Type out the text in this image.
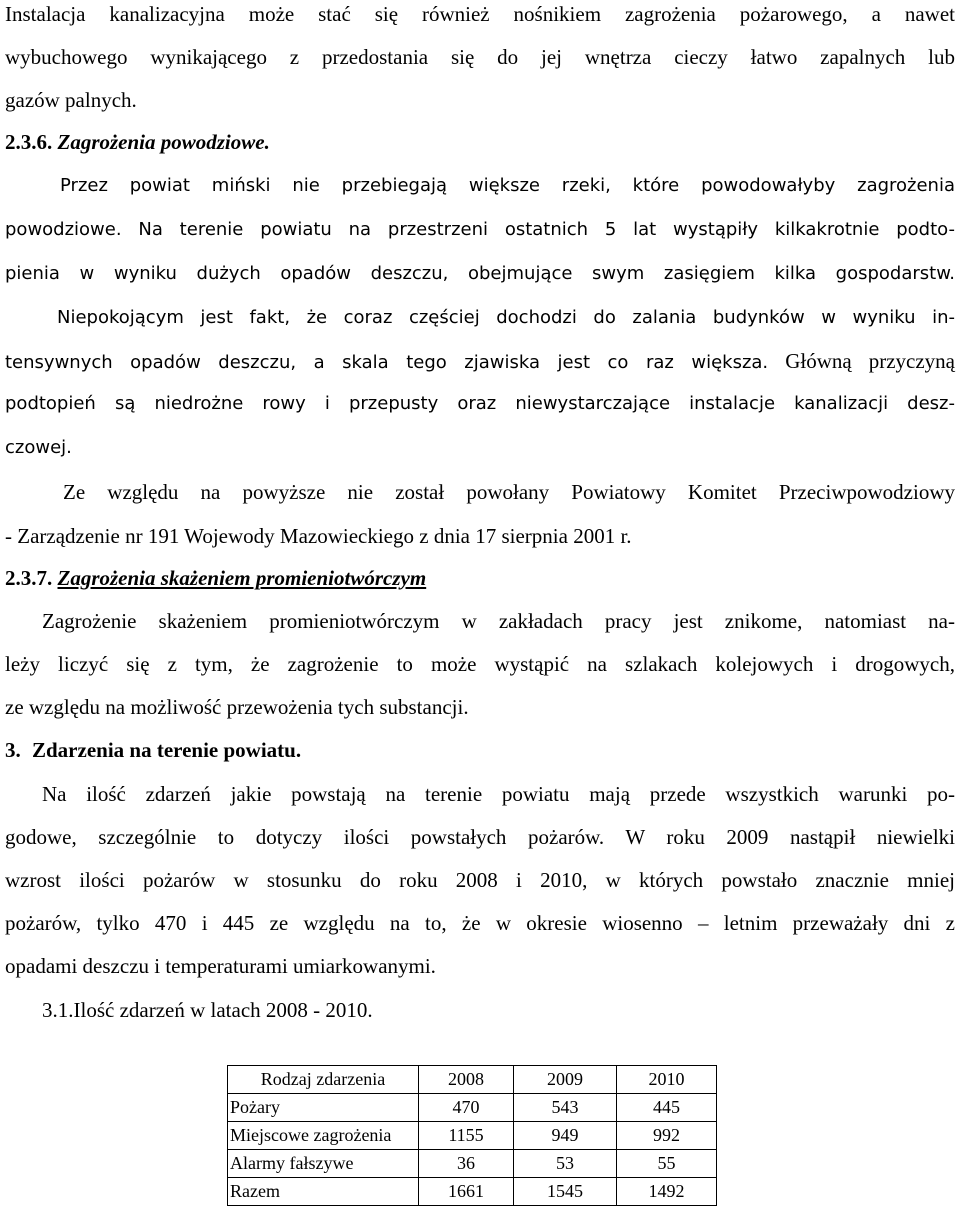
Instalacja kanalizacyjna może stać się również nośnikiem zagrożenia pożarowego, a nawet
wybuchowego wynikającego z przedostania się do jej wnętrza cieczy łatwo zapalnych lub
gazów palnych.
2.3.6. Zagrożenia powodziowe.
Przez powiat miński nie przebiegają większe rzeki, które powodowałyby zagrożenia
powodziowe. Na terenie powiatu na przestrzeni ostatnich 5 lat wystąpiły kilkakrotnie podto-
pienia w wyniku dużych opadów deszczu, obejmujące swym zasięgiem kilka gospodarstw.
Niepokojącym jest fakt, że coraz częściej dochodzi do zalania budynków w wyniku in-
tensywnych opadów deszczu, a skala tego zjawiska jest co raz większa. Główną przyczyną
podtopień są niedrożne rowy i przepusty oraz niewystarczające instalacje kanalizacji desz-
czowej.
Ze względu na powyższe nie został powołany Powiatowy Komitet Przeciwpowodziowy
- Zarządzenie nr 191 Wojewody Mazowieckiego z dnia 17 sierpnia 2001 r.
2.3.7. Zagrożenia skażeniem promieniotwórczym
Zagrożenie skażeniem promieniotwórczym w zakładach pracy jest znikome, natomiast na-
leży liczyć się z tym, że zagrożenie to może wystąpić na szlakach kolejowych i drogowych,
ze względu na możliwość przewożenia tych substancji.
3. Zdarzenia na terenie powiatu.
Na ilość zdarzeń jakie powstają na terenie powiatu mają przede wszystkich warunki po-
godowe, szczególnie to dotyczy ilości powstałych pożarów. W roku 2009 nastąpił niewielki
wzrost ilości pożarów w stosunku do roku 2008 i 2010, w których powstało znacznie mniej
pożarów, tylko 470 i 445 ze względu na to, że w okresie wiosenno – letnim przeważały dni z
opadami deszczu i temperaturami umiarkowanymi.
3.1.Ilość zdarzeń w latach 2008 - 2010.
Rodzaj zdarzenia	2008	2009	2010
Pożary	470	543	445
Miejscowe zagrożenia	1155	949	992
Alarmy fałszywe	36	53	55
Razem	1661	1545	1492
